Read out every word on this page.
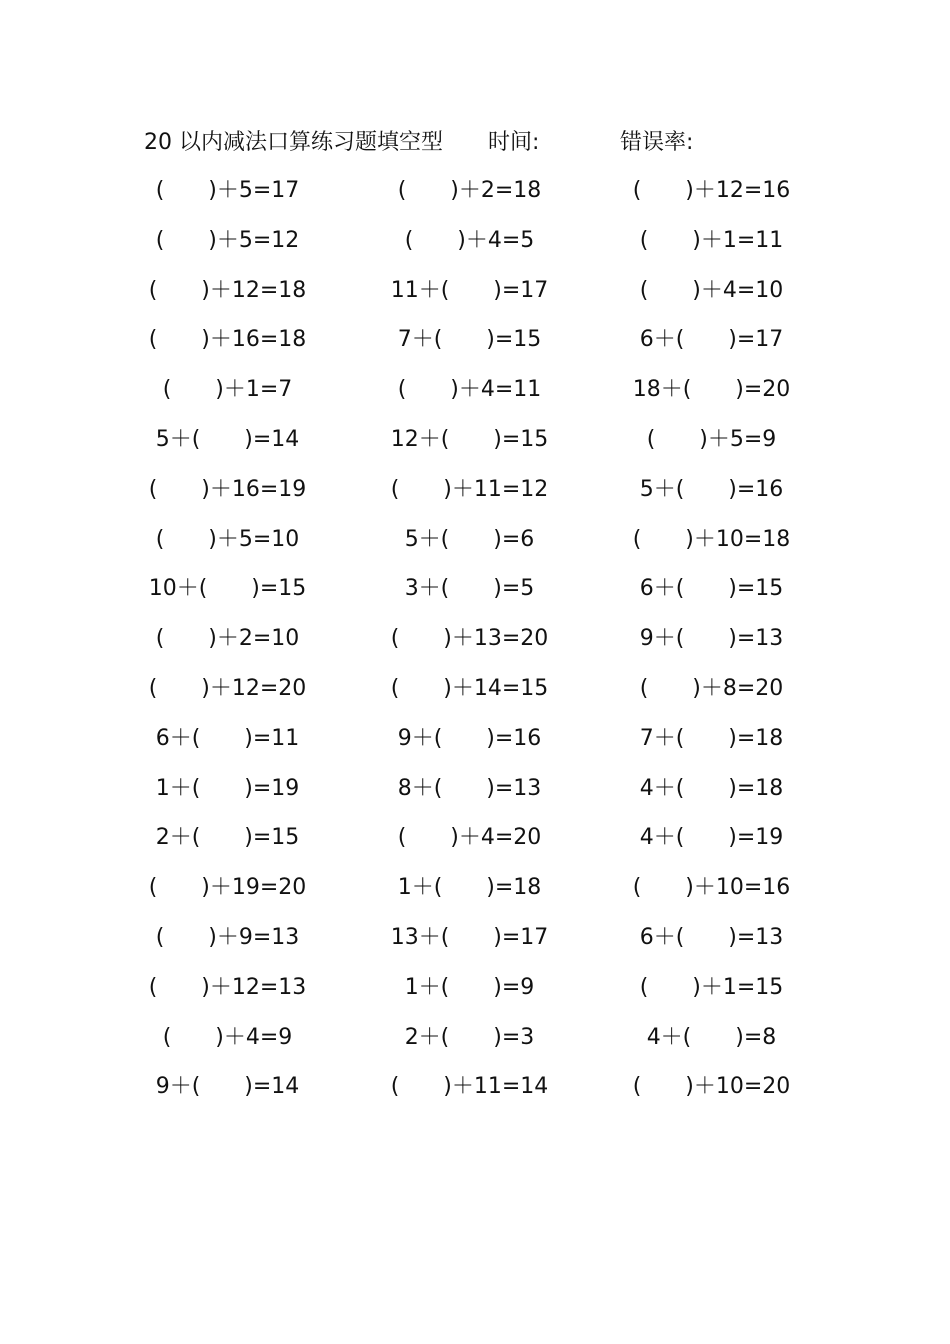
20 以内减法口算练习题填空型 时间:	错误率:
(　　)＋5=17	(　　)＋2=18	(　　)＋12=16
(　　)＋5=12	(　　)＋4=5	(　　)＋1=11
(　　)＋12=18	11＋(　　)=17	(　　)＋4=10
(　　)＋16=18	7＋(　　)=15	6＋(　　)=17
(　　)＋1=7	(　　)＋4=11	18＋(　　)=20
5＋(　　)=14	12＋(　　)=15	(　　)＋5=9
(　　)＋16=19	(　　)＋11=12	5＋(　　)=16
(　　)＋5=10	5＋(　　)=6	(　　)＋10=18
10＋(　　)=15	3＋(　　)=5	6＋(　　)=15
(　　)＋2=10	(　　)＋13=20	9＋(　　)=13
(　　)＋12=20	(　　)＋14=15	(　　)＋8=20
6＋(　　)=11	9＋(　　)=16	7＋(　　)=18
1＋(　　)=19	8＋(　　)=13	4＋(　　)=18
2＋(　　)=15	(　　)＋4=20	4＋(　　)=19
(　　)＋19=20	1＋(　　)=18	(　　)＋10=16
(　　)＋9=13	13＋(　　)=17	6＋(　　)=13
(　　)＋12=13	1＋(　　)=9	(　　)＋1=15
(　　)＋4=9	2＋(　　)=3	4＋(　　)=8
9＋(　　)=14	(　　)＋11=14	(　　)＋10=20
